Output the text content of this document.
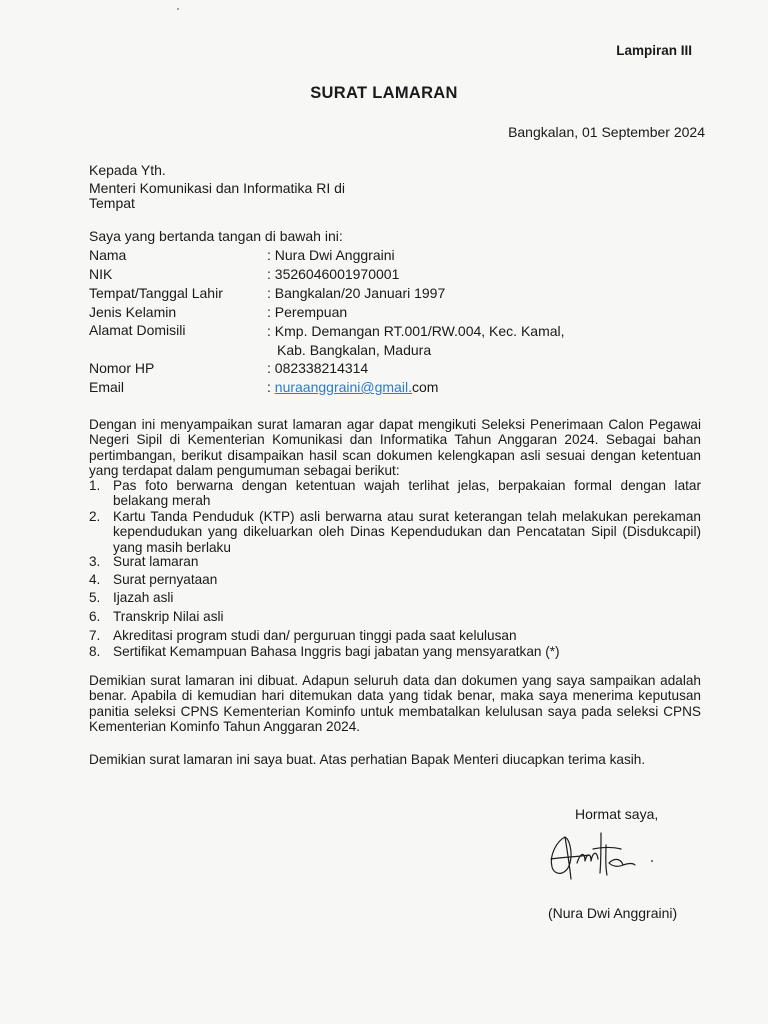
Lampiran III
SURAT LAMARAN
Bangkalan, 01 September 2024
Kepada Yth.
Menteri Komunikasi dan Informatika RI di
Tempat
Saya yang bertanda tangan di bawah ini:
Nama	: Nura Dwi Anggraini
NIK	: 3526046001970001
Tempat/Tanggal Lahir	: Bangkalan/20 Januari 1997
Jenis Kelamin	: Perempuan
Alamat Domisili	: Kmp. Demangan RT.001/RW.004, Kec. Kamal,
Kab. Bangkalan, Madura
Nomor HP	: 082338214314
Email	: nuraanggraini@gmail.com
Dengan ini menyampaikan surat lamaran agar dapat mengikuti Seleksi Penerimaan Calon Pegawai Negeri Sipil di Kementerian Komunikasi dan Informatika Tahun Anggaran 2024. Sebagai bahan pertimbangan, berikut disampaikan hasil scan dokumen kelengkapan asli sesuai dengan ketentuan yang terdapat dalam pengumuman sebagai berikut:
1. Pas foto berwarna dengan ketentuan wajah terlihat jelas, berpakaian formal dengan latar belakang merah
2. Kartu Tanda Penduduk (KTP) asli berwarna atau surat keterangan telah melakukan perekaman kependudukan yang dikeluarkan oleh Dinas Kependudukan dan Pencatatan Sipil (Disdukcapil) yang masih berlaku
3. Surat lamaran
4. Surat pernyataan
5. Ijazah asli
6. Transkrip Nilai asli
7. Akreditasi program studi dan/ perguruan tinggi pada saat kelulusan
8. Sertifikat Kemampuan Bahasa Inggris bagi jabatan yang mensyaratkan (*)
Demikian surat lamaran ini dibuat. Adapun seluruh data dan dokumen yang saya sampaikan adalah benar. Apabila di kemudian hari ditemukan data yang tidak benar, maka saya menerima keputusan panitia seleksi CPNS Kementerian Kominfo untuk membatalkan kelulusan saya pada seleksi CPNS Kementerian Kominfo Tahun Anggaran 2024.
Demikian surat lamaran ini saya buat. Atas perhatian Bapak Menteri diucapkan terima kasih.
Hormat saya,
(Nura Dwi Anggraini)
